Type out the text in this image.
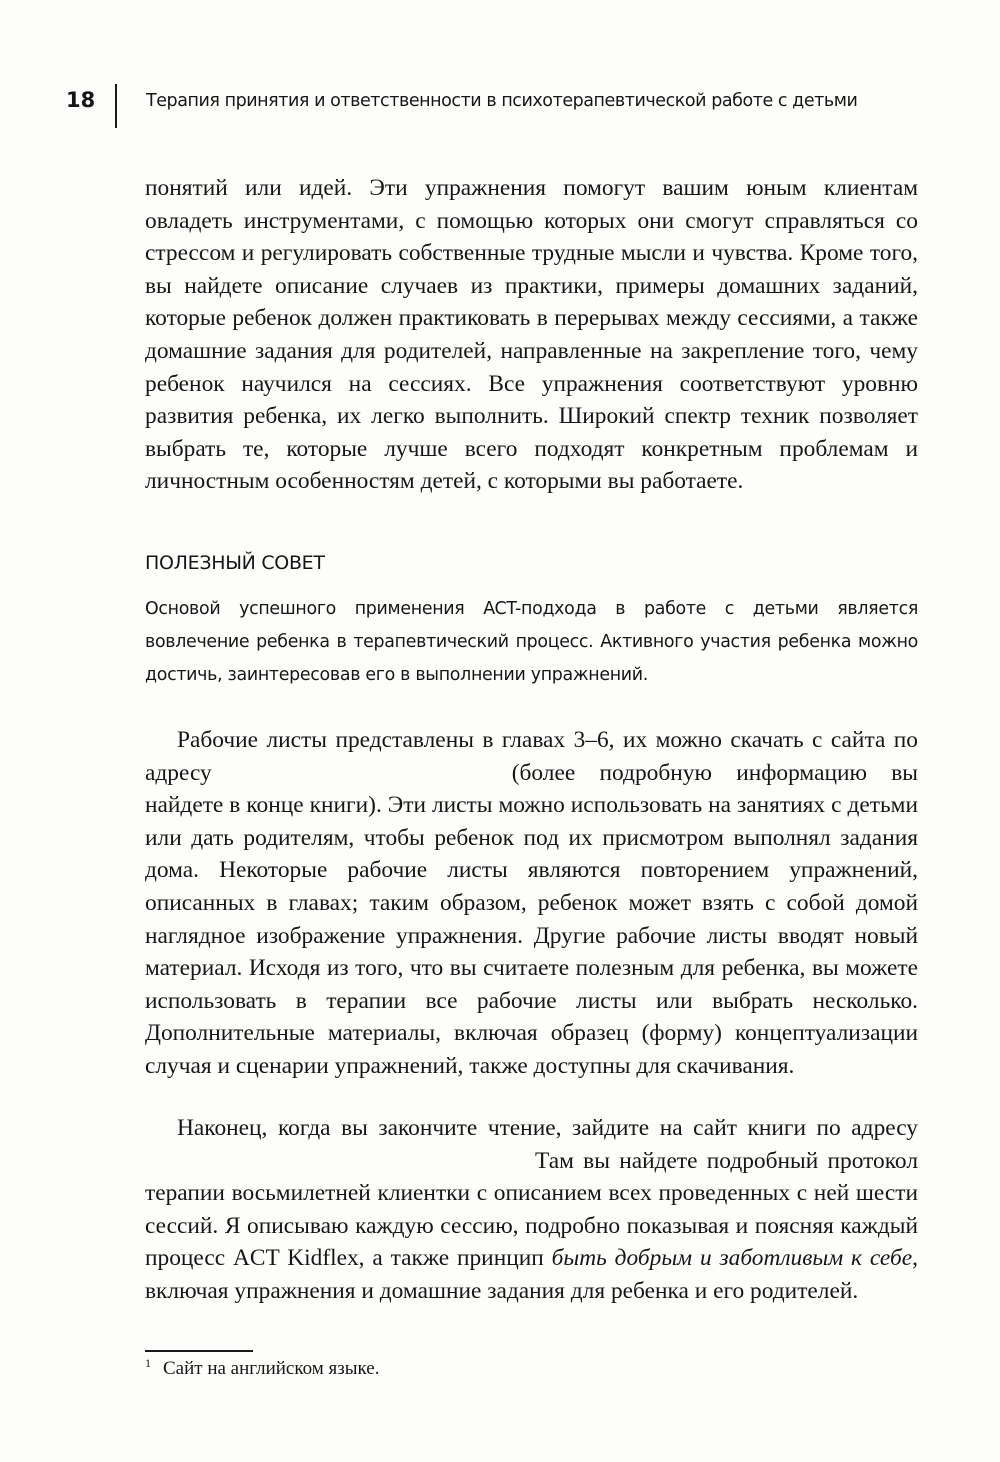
18	Терапия принятия и ответственности в психотерапевтической работе с детьми

понятий или идей. Эти упражнения помогут вашим юным клиентам овладеть инструментами, с помощью которых они смогут справляться со стрессом и регулировать собственные трудные мысли и чувства. Кроме того, вы найдете описание случаев из практики, примеры домашних заданий, которые ребенок должен практиковать в перерывах между сессиями, а также домашние задания для родителей, направленные на закрепление того, чему ребенок научился на сессиях. Все упражнения соответствуют уровню развития ребенка, их легко выполнить. Широкий спектр техник позволяет выбрать те, которые лучше всего подходят конкретным проблемам и личностным особенностям детей, с которыми вы работаете.

ПОЛЕЗНЫЙ СОВЕТ
Основой успешного применения ACT-подхода в работе с детьми является вовлечение ребенка в терапевтический процесс. Активного участия ребенка можно достичь, заинтересовав его в выполнении упражнений.

Рабочие листы представлены в главах 3–6, их можно скачать с сайта по адресу	(более подробную информацию вы найдете в конце книги). Эти листы можно использовать на занятиях с детьми или дать родителям, чтобы ребенок под их присмотром выполнял задания дома. Некоторые рабочие листы являются повторением упражнений, описанных в главах; таким образом, ребенок может взять с собой домой наглядное изображение упражнения. Другие рабочие листы вводят новый материал. Исходя из того, что вы считаете полезным для ребенка, вы можете использовать в терапии все рабочие листы или выбрать несколько. Дополнительные материалы, включая образец (форму) концептуализации случая и сценарии упражнений, также доступны для скачивания.

Наконец, когда вы закончите чтение, зайдите на сайт книги по адресуТам вы найдете подробный протокол терапии восьмилетней клиентки с описанием всех проведенных с ней шести сессий. Я описываю каждую сессию, подробно показывая и поясняя каждый процесс ACT Kidflex, а также принцип быть добрым и заботливым к себе, включая упражнения и домашние задания для ребенка и его родителей.

$^1$ Сайт на английском языке.
